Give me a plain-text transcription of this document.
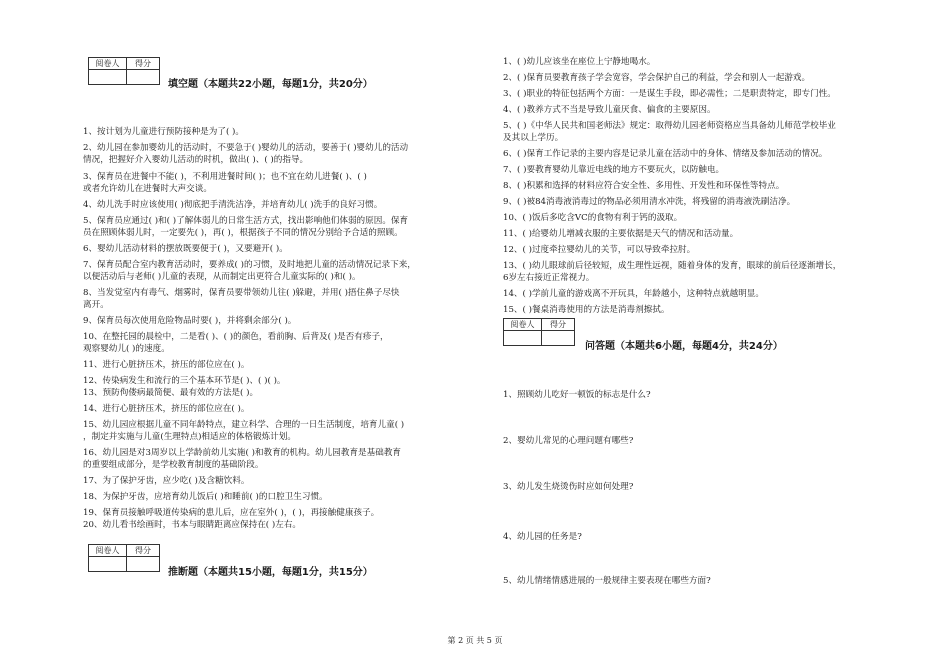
阅卷人	得分

填空题（本题共22小题，每题1分，共20分）
1、按计划为儿童进行预防接种是为了( )。
2、幼儿园在参加婴幼儿的活动时，不要急于( )婴幼儿的活动，要善于( )婴幼儿的活动
情况，把握好介入婴幼儿活动的时机，做出( )、( )的指导。
3、保育员在进餐中不能( )，不利用进餐时间( )；也不宜在幼儿进餐( )、( )
或者允许幼儿在进餐时大声交谈。
4、幼儿洗手时应该使用( )彻底把手清洗洁净，并培育幼儿( )洗手的良好习惯。
5、保育员应通过( )和( )了解体弱儿的日常生活方式，找出影响他们体弱的原因。保育
员在照顾体弱儿时，一定要先( )，再( )，根据孩子不同的情况分别给予合适的照顾。
6、婴幼儿活动材料的摆放既要便于( )，又要避开( )。
7、保育员配合室内教育活动时，要养成( )的习惯，及时地把儿童的活动情况记录下来，
以便活动后与老师( )儿童的表现，从而制定出更符合儿童实际的( )和( )。
8、当发觉室内有毒气、烟雾时，保育员要带领幼儿往( )躲避，并用( )捂住鼻子尽快
离开。
9、保育员每次使用危险物品时要( )，并将剩余部分( )。
10、在整托园的晨检中，二是看( )、( )的颜色，看前胸、后背及( )是否有疹子，
观察婴幼儿( )的速度。
11、进行心脏挤压术，挤压的部位应在( )。
12、传染病发生和流行的三个基本环节是( )、( )( )。
13、预防佝偻病最简便、最有效的方法是( )。
14、进行心脏挤压术，挤压的部位应在( )。
15、幼儿园应根据儿童不同年龄特点，建立科学、合理的一日生活制度，培育儿童( )
，制定并实施与儿童(生理特点)相适应的体格锻炼计划。
16、幼儿园是对3周岁以上学龄前幼儿实施( )和教育的机构。幼儿园教育是基础教育
的重要组成部分，是学校教育制度的基础阶段。
17、为了保护牙齿，应少吃( )及含糖饮料。
18、为保护牙齿，应培育幼儿饭后( )和睡前( )的口腔卫生习惯。
19、保育员接触呼吸道传染病的患儿后，应在室外( )，( )，再接触健康孩子。
20、幼儿看书绘画时，书本与眼睛距离应保持在( )左右。
阅卷人	得分

推断题（本题共15小题，每题1分，共15分）
1、( )幼儿应该坐在座位上宁静地喝水。
2、( )保育员要教育孩子学会宽容，学会保护自己的利益，学会和别人一起游戏。
3、( )职业的特征包括两个方面：一是谋生手段，即必需性；二是职责特定，即专门性。
4、( )教养方式不当是导致儿童厌食、偏食的主要原因。
5、( )《中华人民共和国老师法》规定：取得幼儿园老师资格应当具备幼儿师范学校毕业
及其以上学历。
6、( )保育工作记录的主要内容是记录儿童在活动中的身体、情绪及参加活动的情况。
7、( )要教育婴幼儿靠近电线的地方不要玩火，以防触电。
8、( )积累和选择的材料应符合安全性、多用性、开发性和环保性等特点。
9、( )被84消毒液消毒过的物品必须用清水冲洗，将残留的消毒液洗刷洁净。
10、( )饭后多吃含VC的食物有利于钙的汲取。
11、( )给婴幼儿增减衣服的主要依据是天气的情况和活动量。
12、( )过度牵拉婴幼儿的关节，可以导致牵拉肘。
13、( )幼儿眼球前后径较短，成生理性远视，随着身体的发育，眼球的前后径逐渐增长，
6岁左右接近正常视力。
14、( )学前儿童的游戏离不开玩具，年龄越小，这种特点就越明显。
15、( )餐桌消毒使用的方法是消毒剂擦拭。
阅卷人	得分

问答题（本题共6小题，每题4分，共24分）
1、照顾幼儿吃好一顿饭的标志是什么?
2、婴幼儿常见的心理问题有哪些?
3、幼儿发生烧烫伤时应如何处理?
4、幼儿园的任务是?
5、幼儿情绪情感进展的一般规律主要表现在哪些方面?
第 2 页 共 5 页
